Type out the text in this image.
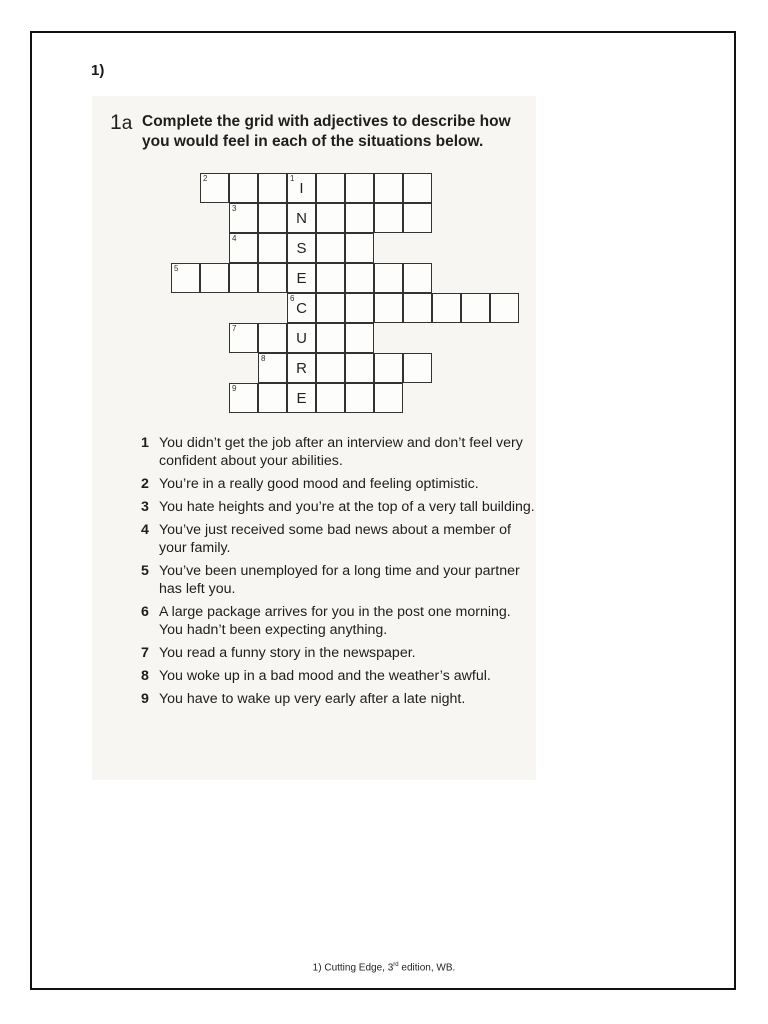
1)
1a Complete the grid with adjectives to describe how you would feel in each of the situations below.
2
I
1
3
N
4
S
5
E
C
6
7
U
8
R
9
E
1 You didn’t get the job after an interview and don’t feel very confident about your abilities.
2 You’re in a really good mood and feeling optimistic.
3 You hate heights and you’re at the top of a very tall building.
4 You’ve just received some bad news about a member of your family.
5 You’ve been unemployed for a long time and your partner has left you.
6 A large package arrives for you in the post one morning. You hadn’t been expecting anything.
7 You read a funny story in the newspaper.
8 You woke up in a bad mood and the weather’s awful.
9 You have to wake up very early after a late night.
1) Cutting Edge, 3rd edition, WB.
